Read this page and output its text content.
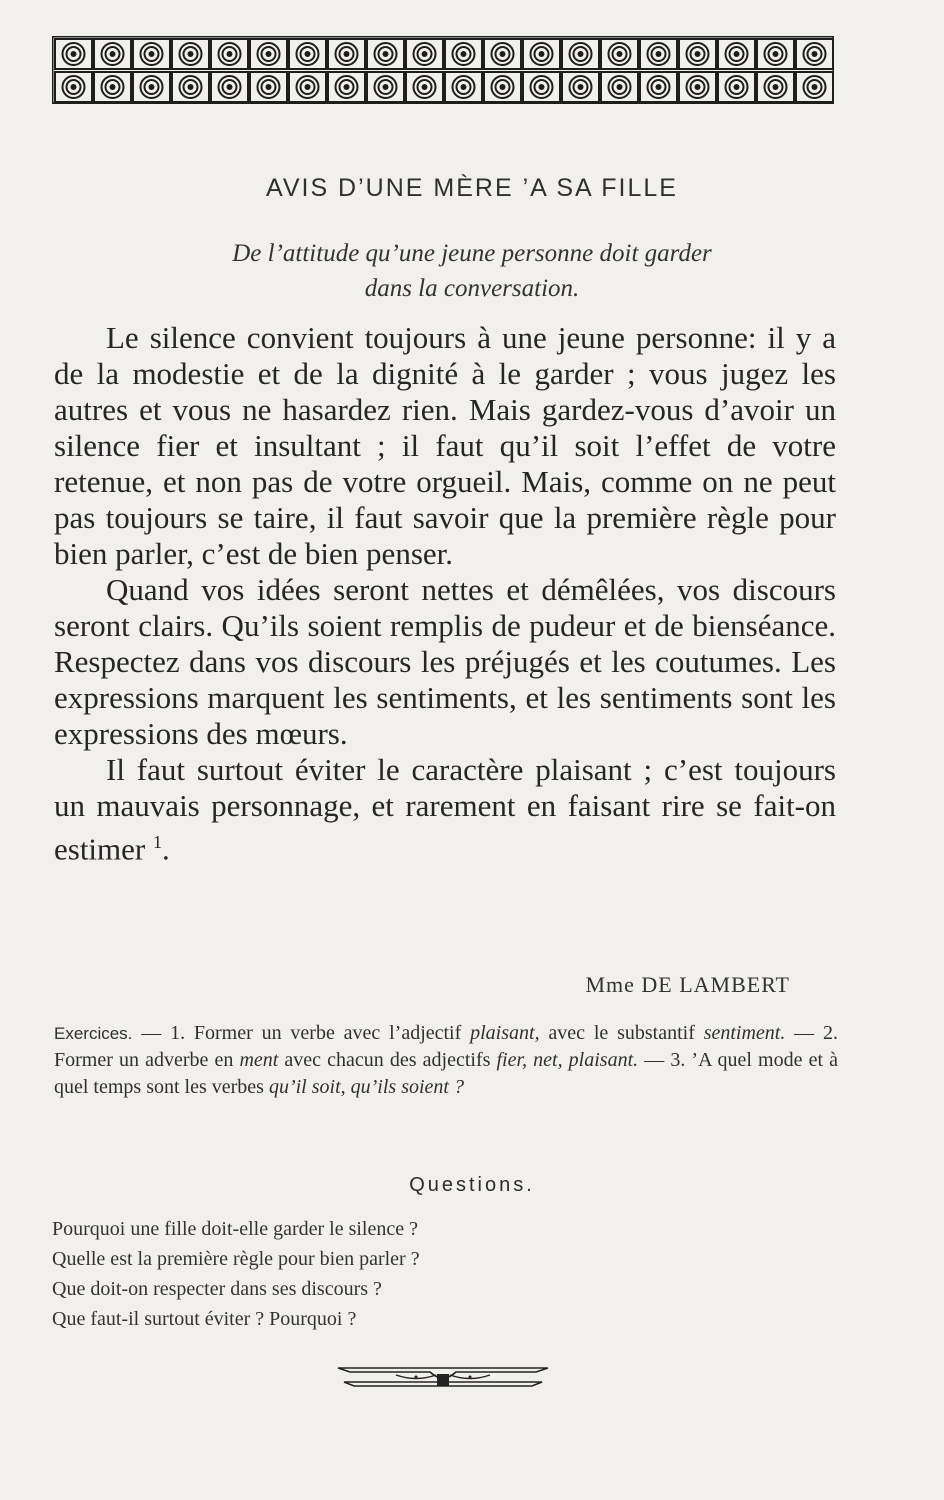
AVIS D’UNE MÈRE ’A SA FILLE
De l’attitude qu’une jeune personne doit garder
dans la conversation.

Le silence convient toujours à une jeune personne: il y a de la modestie et de la dignité à le garder ; vous jugez les autres et vous ne hasardez rien. Mais gardez-vous d’avoir un silence fier et insultant ; il faut qu’il soit l’effet de votre retenue, et non pas de votre orgueil. Mais, comme on ne peut pas toujours se taire, il faut savoir que la première règle pour bien parler, c’est de bien penser.

Quand vos idées seront nettes et démêlées, vos discours seront clairs. Qu’ils soient remplis de pudeur et de bienséance. Respectez dans vos discours les préjugés et les coutumes. Les expressions marquent les sentiments, et les sentiments sont les expressions des mœurs.

Il faut surtout éviter le caractère plaisant ; c’est toujours un mauvais personnage, et rarement en faisant rire se fait-on estimer $^1$.

Mme DE LAMBERT
Exercices. — 1. Former un verbe avec l’adjectif plaisant, avec le substantif sentiment. — 2. Former un adverbe en ment avec chacun des adjectifs fier, net, plaisant. — 3. ’A quel mode et à quel temps sont les verbes qu’il soit, qu’ils soient ?
Questions.
Pourquoi une fille doit-elle garder le silence ?
Quelle est la première règle pour bien parler ?
Que doit-on respecter dans ses discours ?
Que faut-il surtout éviter ? Pourquoi ?
